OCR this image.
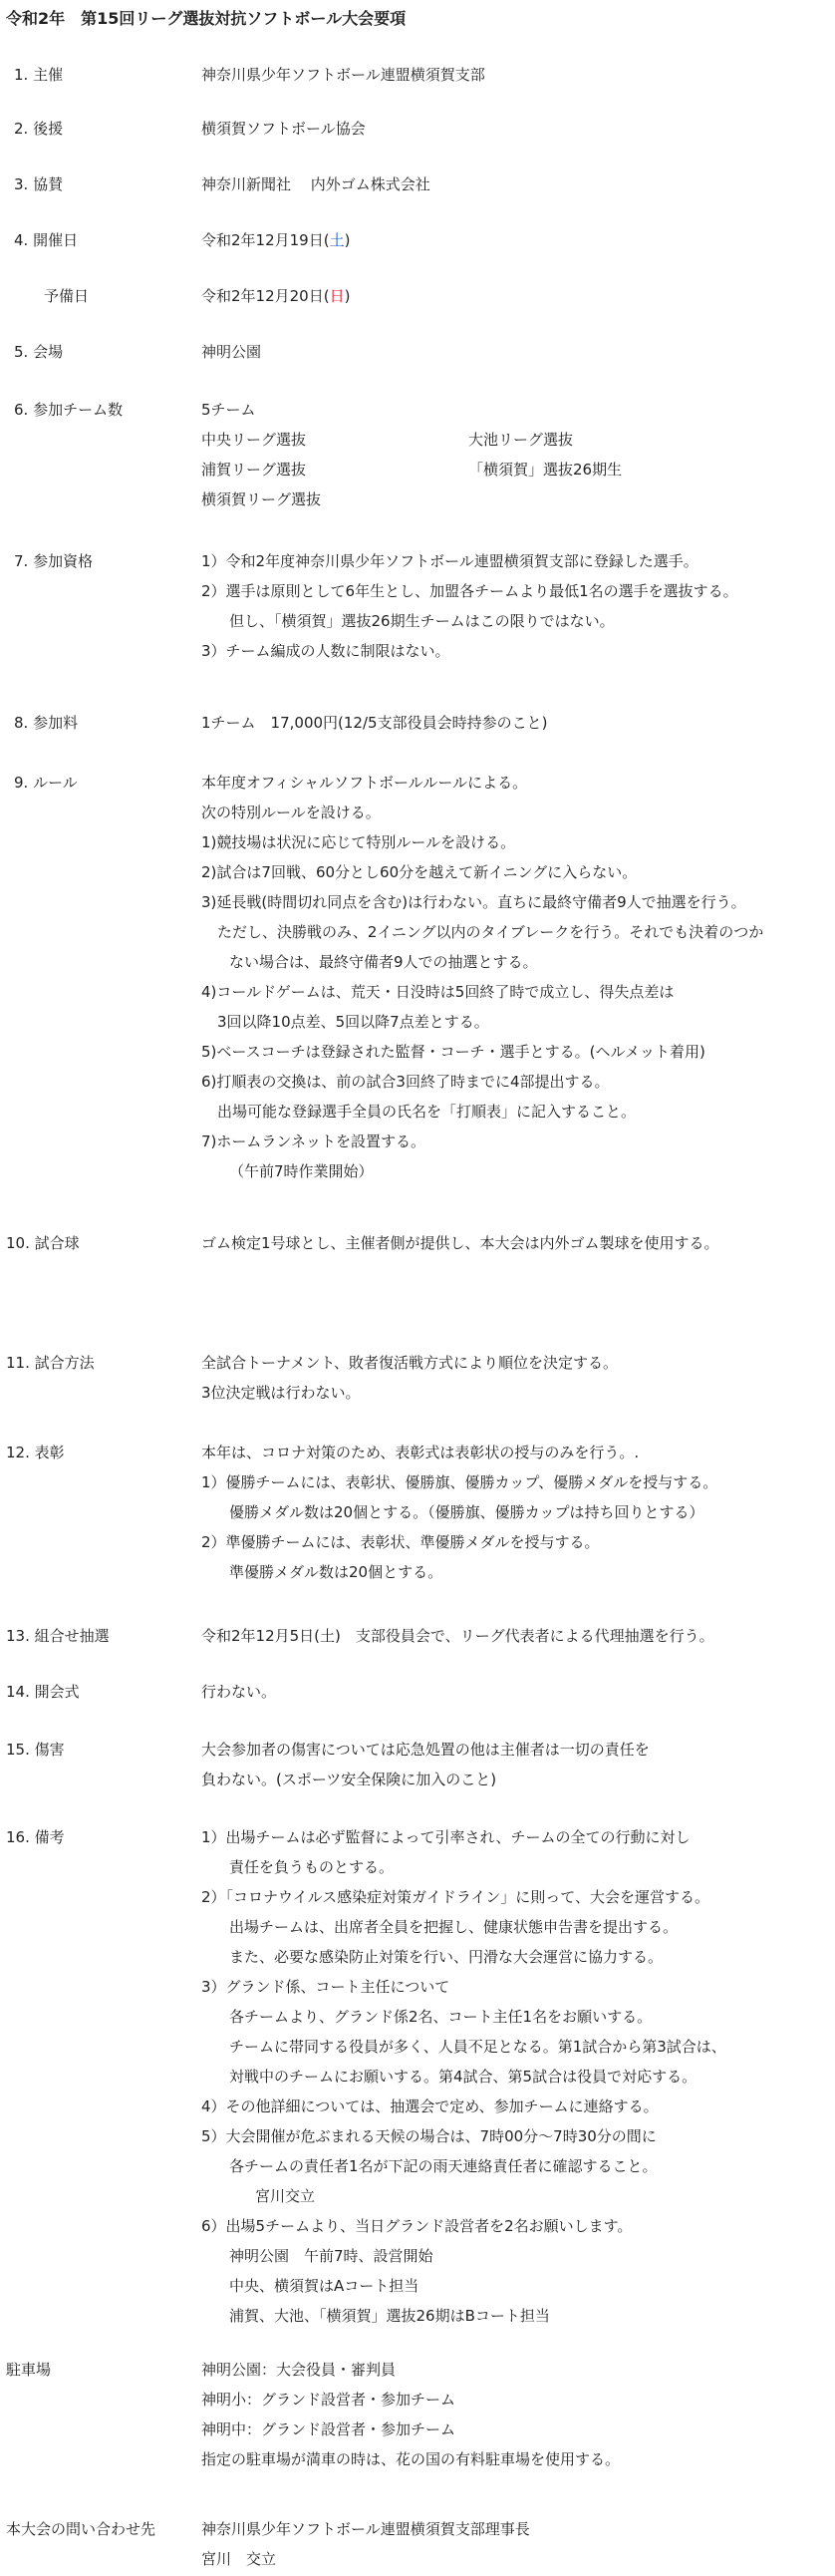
令和2年　第15回リーグ選抜対抗ソフトボール大会要項
1. 主催	神奈川県少年ソフトボール連盟横須賀支部
2. 後援	横須賀ソフトボール協会
3. 協賛	神奈川新聞社　 内外ゴム株式会社
4. 開催日	令和2年12月19日(土)
予備日	令和2年12月20日(日)
5. 会場	神明公園
6. 参加チーム数	5チーム
中央リーグ選抜	大池リーグ選抜
浦賀リーグ選抜	「横須賀」選抜26期生
横須賀リーグ選抜
7. 参加資格	1）令和2年度神奈川県少年ソフトボール連盟横須賀支部に登録した選手。
2）選手は原則として6年生とし、加盟各チームより最低1名の選手を選抜する。
但し、「横須賀」選抜26期生チームはこの限りではない。
3）チーム編成の人数に制限はない。
8. 参加料	1チーム　17,000円(12/5支部役員会時持参のこと)
9. ルール	本年度オフィシャルソフトボールルールによる。
次の特別ルールを設ける。
1)競技場は状況に応じて特別ルールを設ける。
2)試合は7回戦、60分とし60分を越えて新イニングに入らない。
3)延長戦(時間切れ同点を含む)は行わない。直ちに最終守備者9人で抽選を行う。
ただし、決勝戦のみ、2イニング以内のタイブレークを行う。それでも決着のつか
ない場合は、最終守備者9人での抽選とする。
4)コールドゲームは、荒天・日没時は5回終了時で成立し、得失点差は
3回以降10点差、5回以降7点差とする。
5)ベースコーチは登録された監督・コーチ・選手とする。(ヘルメット着用)
6)打順表の交換は、前の試合3回終了時までに4部提出する。
出場可能な登録選手全員の氏名を「打順表」に記入すること。
7)ホームランネットを設置する。
（午前7時作業開始）
10. 試合球	ゴム検定1号球とし、主催者側が提供し、本大会は内外ゴム製球を使用する。
11. 試合方法	全試合トーナメント、敗者復活戦方式により順位を決定する。
3位決定戦は行わない。
12. 表彰	本年は、コロナ対策のため、表彰式は表彰状の授与のみを行う。.
1）優勝チームには、表彰状、優勝旗、優勝カップ、優勝メダルを授与する。
優勝メダル数は20個とする。（優勝旗、優勝カップは持ち回りとする）
2）準優勝チームには、表彰状、準優勝メダルを授与する。
準優勝メダル数は20個とする。
13. 組合せ抽選	令和2年12月5日(土)　支部役員会で、リーグ代表者による代理抽選を行う。
14. 開会式	行わない。
15. 傷害	大会参加者の傷害については応急処置の他は主催者は一切の責任を
負わない。(スポーツ安全保険に加入のこと)
16. 備考	1）出場チームは必ず監督によって引率され、チームの全ての行動に対し
責任を負うものとする。
2）「コロナウイルス感染症対策ガイドライン」に則って、大会を運営する。
出場チームは、出席者全員を把握し、健康状態申告書を提出する。
また、必要な感染防止対策を行い、円滑な大会運営に協力する。
3）グランド係、コート主任について
各チームより、グランド係2名、コート主任1名をお願いする。
チームに帯同する役員が多く、人員不足となる。第1試合から第3試合は、
対戦中のチームにお願いする。第4試合、第5試合は役員で対応する。
4）その他詳細については、抽選会で定め、参加チームに連絡する。
5）大会開催が危ぶまれる天候の場合は、7時00分～7時30分の間に
各チームの責任者1名が下記の雨天連絡責任者に確認すること。
宮川交立
6）出場5チームより、当日グランド設営者を2名お願いします。
神明公園　午前7時、設営開始
中央、横須賀はAコート担当
浦賀、大池、「横須賀」選抜26期はBコート担当
駐車場	神明公園：大会役員・審判員
神明小：グランド設営者・参加チーム
神明中：グランド設営者・参加チーム
指定の駐車場が満車の時は、花の国の有料駐車場を使用する。
本大会の問い合わせ先	神奈川県少年ソフトボール連盟横須賀支部理事長
宮川　交立
